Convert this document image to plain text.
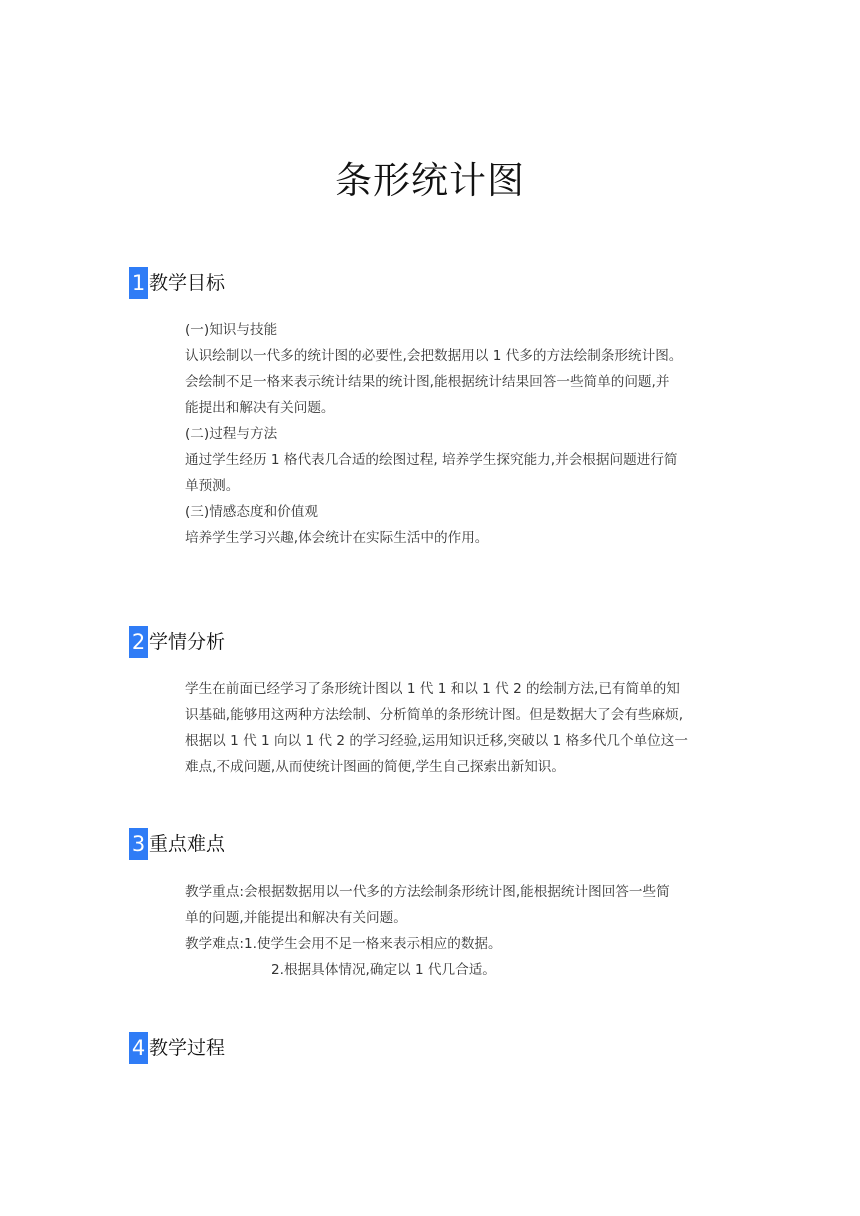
条形统计图
1 教学目标

(一)知识与技能

认识绘制以一代多的统计图的必要性,会把数据用以 1 代多的方法绘制条形统计图。

会绘制不足一格来表示统计结果的统计图,能根据统计结果回答一些简单的问题,并

能提出和解决有关问题。

(二)过程与方法

通过学生经历 1 格代表几合适的绘图过程, 培养学生探究能力,并会根据问题进行简

单预测。

(三)情感态度和价值观

培养学生学习兴趣,体会统计在实际生活中的作用。

2 学情分析

学生在前面已经学习了条形统计图以 1 代 1 和以 1 代 2 的绘制方法,已有简单的知

识基础,能够用这两种方法绘制、分析简单的条形统计图。但是数据大了会有些麻烦,

根据以 1 代 1 向以 1 代 2 的学习经验,运用知识迁移,突破以 1 格多代几个单位这一

难点,不成问题,从而使统计图画的简便,学生自己探索出新知识。

3 重点难点

教学重点:会根据数据用以一代多的方法绘制条形统计图,能根据统计图回答一些简

单的问题,并能提出和解决有关问题。

教学难点:1.使学生会用不足一格来表示相应的数据。

2.根据具体情况,确定以 1 代几合适。

4 教学过程
